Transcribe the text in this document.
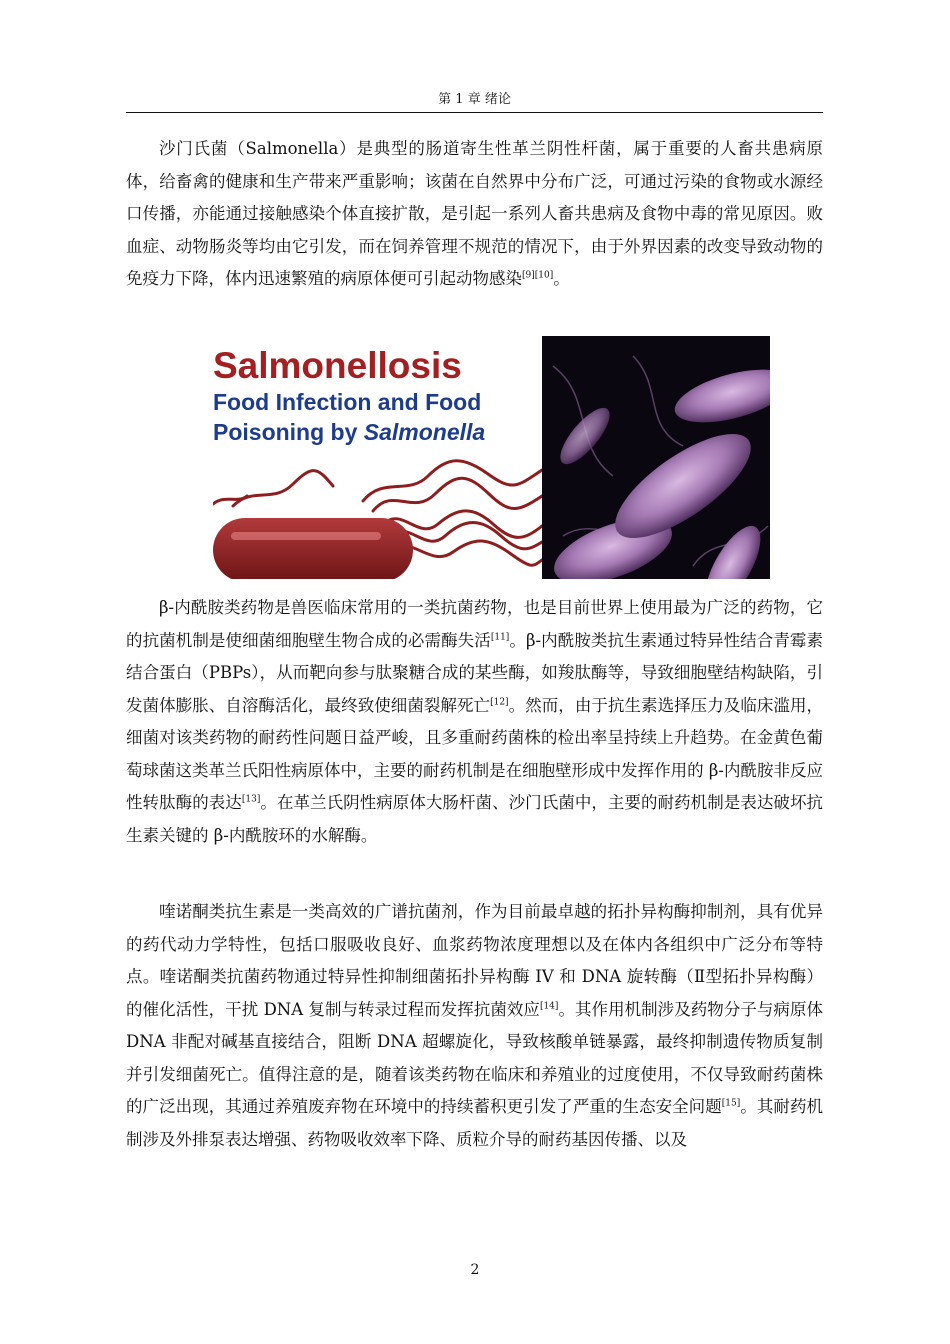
第 1 章 绪论

沙门氏菌（Salmonella）是典型的肠道寄生性革兰阴性杆菌，属于重要的人畜共患病原体，给畜禽的健康和生产带来严重影响；该菌在自然界中分布广泛，可通过污染的食物或水源经口传播，亦能通过接触感染个体直接扩散，是引起一系列人畜共患病及食物中毒的常见原因。败血症、动物肠炎等均由它引发，而在饲养管理不规范的情况下，由于外界因素的改变导致动物的免疫力下降，体内迅速繁殖的病原体便可引起动物感染[9][10]。

Salmonellosis
Food Infection and Food
Poisoning by Salmonella

β-内酰胺类药物是兽医临床常用的一类抗菌药物，也是目前世界上使用最为广泛的药物，它的抗菌机制是使细菌细胞壁生物合成的必需酶失活[11]。β-内酰胺类抗生素通过特异性结合青霉素结合蛋白（PBPs），从而靶向参与肽聚糖合成的某些酶，如羧肽酶等，导致细胞壁结构缺陷，引发菌体膨胀、自溶酶活化，最终致使细菌裂解死亡[12]。然而，由于抗生素选择压力及临床滥用，细菌对该类药物的耐药性问题日益严峻，且多重耐药菌株的检出率呈持续上升趋势。在金黄色葡萄球菌这类革兰氏阳性病原体中，主要的耐药机制是在细胞壁形成中发挥作用的 β-内酰胺非反应性转肽酶的表达[13]。在革兰氏阴性病原体大肠杆菌、沙门氏菌中，主要的耐药机制是表达破坏抗生素关键的 β-内酰胺环的水解酶。

喹诺酮类抗生素是一类高效的广谱抗菌剂，作为目前最卓越的拓扑异构酶抑制剂，具有优异的药代动力学特性，包括口服吸收良好、血浆药物浓度理想以及在体内各组织中广泛分布等特点。喹诺酮类抗菌药物通过特异性抑制细菌拓扑异构酶 IV 和 DNA 旋转酶（Ⅱ型拓扑异构酶）的催化活性，干扰 DNA 复制与转录过程而发挥抗菌效应[14]。其作用机制涉及药物分子与病原体 DNA 非配对碱基直接结合，阻断 DNA 超螺旋化，导致核酸单链暴露，最终抑制遗传物质复制并引发细菌死亡。值得注意的是，随着该类药物在临床和养殖业的过度使用，不仅导致耐药菌株的广泛出现，其通过养殖废弃物在环境中的持续蓄积更引发了严重的生态安全问题[15]。其耐药机制涉及外排泵表达增强、药物吸收效率下降、质粒介导的耐药基因传播、以及

2
